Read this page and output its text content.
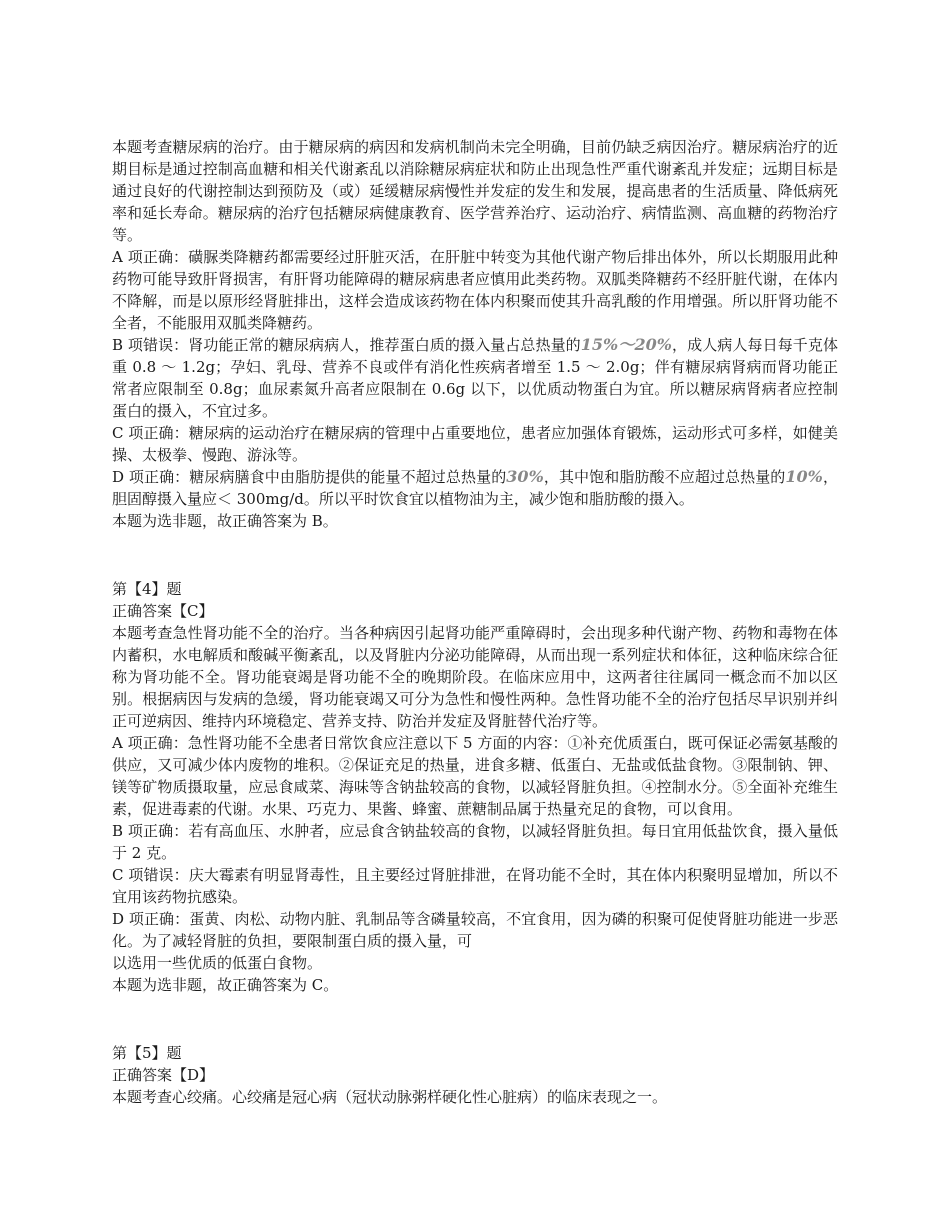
本题考查糖尿病的治疗。由于糖尿病的病因和发病机制尚未完全明确，目前仍缺乏病因治疗。糖尿病治疗的近期目标是通过控制高血糖和相关代谢紊乱以消除糖尿病症状和防止出现急性严重代谢紊乱并发症；远期目标是通过良好的代谢控制达到预防及（或）延缓糖尿病慢性并发症的发生和发展，提高患者的生活质量、降低病死率和延长寿命。糖尿病的治疗包括糖尿病健康教育、医学营养治疗、运动治疗、病情监测、高血糖的药物治疗等。

A 项正确：磺脲类降糖药都需要经过肝脏灭活，在肝脏中转变为其他代谢产物后排出体外，所以长期服用此种药物可能导致肝肾损害，有肝肾功能障碍的糖尿病患者应慎用此类药物。双胍类降糖药不经肝脏代谢，在体内不降解，而是以原形经肾脏排出，这样会造成该药物在体内积聚而使其升高乳酸的作用增强。所以肝肾功能不全者，不能服用双胍类降糖药。

B 项错误：肾功能正常的糖尿病病人，推荐蛋白质的摄入量占总热量的15%～20%，成人病人每日每千克体重 0.8 ～ 1.2g；孕妇、乳母、营养不良或伴有消化性疾病者增至 1.5 ～ 2.0g；伴有糖尿病肾病而肾功能正常者应限制至 0.8g；血尿素氮升高者应限制在 0.6g 以下，以优质动物蛋白为宜。所以糖尿病肾病者应控制蛋白的摄入，不宜过多。

C 项正确：糖尿病的运动治疗在糖尿病的管理中占重要地位，患者应加强体育锻炼，运动形式可多样，如健美操、太极拳、慢跑、游泳等。

D 项正确：糖尿病膳食中由脂肪提供的能量不超过总热量的30%，其中饱和脂肪酸不应超过总热量的10%，胆固醇摄入量应＜ 300mg/d。所以平时饮食宜以植物油为主，减少饱和脂肪酸的摄入。

本题为选非题，故正确答案为 B。

第【4】题

正确答案【C】

本题考查急性肾功能不全的治疗。当各种病因引起肾功能严重障碍时，会出现多种代谢产物、药物和毒物在体内蓄积，水电解质和酸碱平衡紊乱，以及肾脏内分泌功能障碍，从而出现一系列症状和体征，这种临床综合征称为肾功能不全。肾功能衰竭是肾功能不全的晚期阶段。在临床应用中，这两者往往属同一概念而不加以区别。根据病因与发病的急缓，肾功能衰竭又可分为急性和慢性两种。急性肾功能不全的治疗包括尽早识别并纠正可逆病因、维持内环境稳定、营养支持、防治并发症及肾脏替代治疗等。

A 项正确：急性肾功能不全患者日常饮食应注意以下 5 方面的内容：①补充优质蛋白，既可保证必需氨基酸的供应，又可减少体内废物的堆积。②保证充足的热量，进食多糖、低蛋白、无盐或低盐食物。③限制钠、钾、镁等矿物质摄取量，应忌食咸菜、海味等含钠盐较高的食物，以减轻肾脏负担。④控制水分。⑤全面补充维生素，促进毒素的代谢。水果、巧克力、果酱、蜂蜜、蔗糖制品属于热量充足的食物，可以食用。

B 项正确：若有高血压、水肿者，应忌食含钠盐较高的食物，以减轻肾脏负担。每日宜用低盐饮食，摄入量低于 2 克。

C 项错误：庆大霉素有明显肾毒性，且主要经过肾脏排泄，在肾功能不全时，其在体内积聚明显增加，所以不宜用该药物抗感染。

D 项正确：蛋黄、肉松、动物内脏、乳制品等含磷量较高，不宜食用，因为磷的积聚可促使肾脏功能进一步恶化。为了减轻肾脏的负担，要限制蛋白质的摄入量，可

以选用一些优质的低蛋白食物。

本题为选非题，故正确答案为 C。

第【5】题

正确答案【D】

本题考查心绞痛。心绞痛是冠心病（冠状动脉粥样硬化性心脏病）的临床表现之一。
